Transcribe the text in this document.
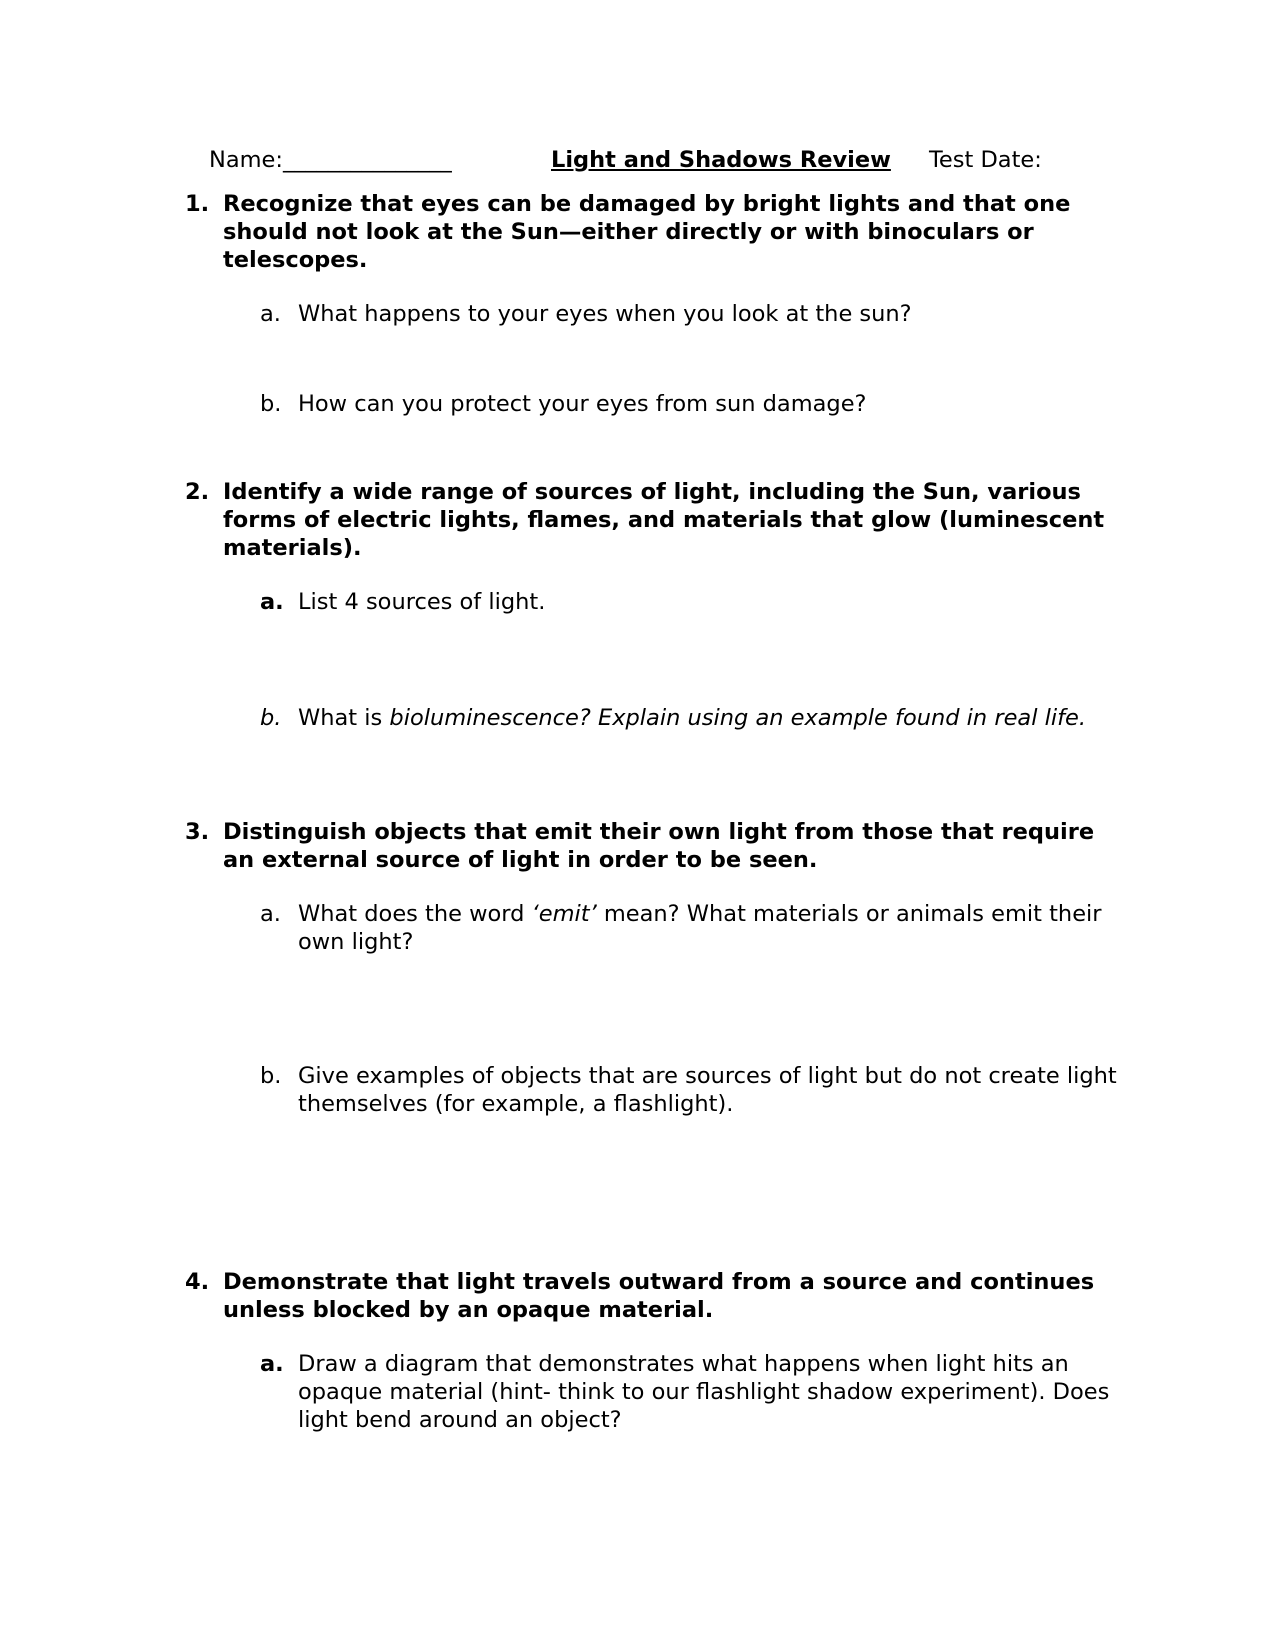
Name:_______________	Light and Shadows Review Test Date:
1. Recognize that eyes can be damaged by bright lights and that one should not look at the Sun—either directly or with binoculars or telescopes.
a. What happens to your eyes when you look at the sun?
b. How can you protect your eyes from sun damage?
2. Identify a wide range of sources of light, including the Sun, various forms of electric lights, flames, and materials that glow (luminescent materials).
a. List 4 sources of light.
b. What is bioluminescence? Explain using an example found in real life.
3. Distinguish objects that emit their own light from those that require an external source of light in order to be seen.
a. What does the word ‘emit’ mean? What materials or animals emit their own light?
b. Give examples of objects that are sources of light but do not create light themselves (for example, a flashlight).
4. Demonstrate that light travels outward from a source and continues unless blocked by an opaque material.
a. Draw a diagram that demonstrates what happens when light hits an opaque material (hint- think to our flashlight shadow experiment). Does light bend around an object?
